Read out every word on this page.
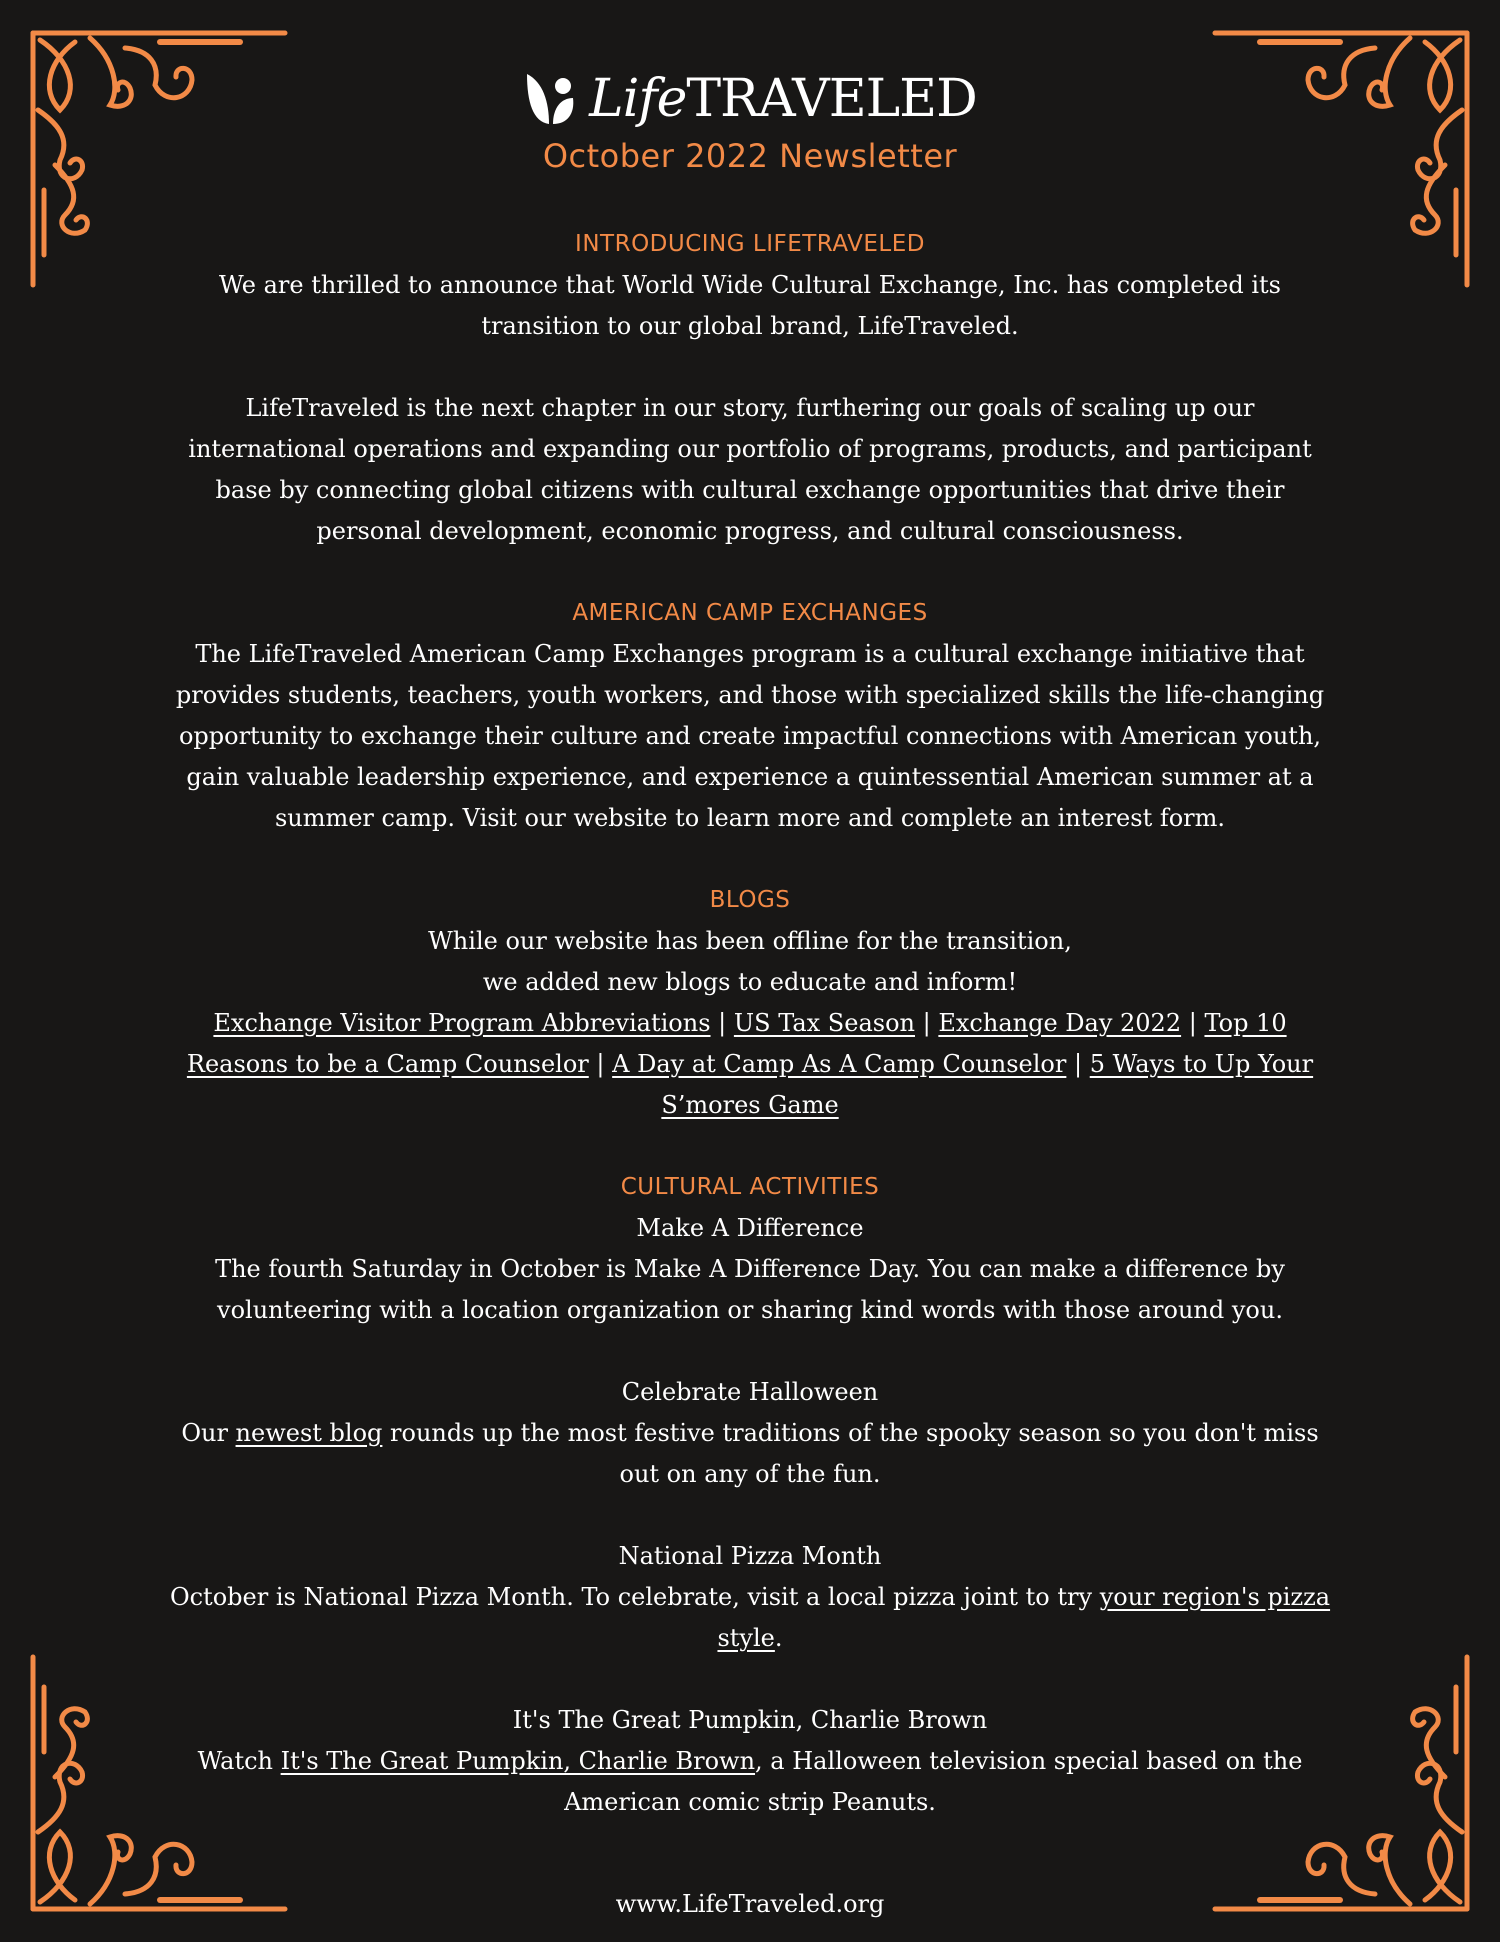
LifeTRAVELED
October 2022 Newsletter
INTRODUCING LIFETRAVELED
We are thrilled to announce that World Wide Cultural Exchange, Inc. has completed its transition to our global brand, LifeTraveled.
LifeTraveled is the next chapter in our story, furthering our goals of scaling up our international operations and expanding our portfolio of programs, products, and participant base by connecting global citizens with cultural exchange opportunities that drive their personal development, economic progress, and cultural consciousness.
AMERICAN CAMP EXCHANGES
The LifeTraveled American Camp Exchanges program is a cultural exchange initiative that provides students, teachers, youth workers, and those with specialized skills the life-changing opportunity to exchange their culture and create impactful connections with American youth, gain valuable leadership experience, and experience a quintessential American summer at a summer camp. Visit our website to learn more and complete an interest form.
BLOGS
While our website has been offline for the transition,
we added new blogs to educate and inform!
Exchange Visitor Program Abbreviations | US Tax Season | Exchange Day 2022 | Top 10 Reasons to be a Camp Counselor | A Day at Camp As A Camp Counselor | 5 Ways to Up Your S’mores Game
CULTURAL ACTIVITIES
Make A Difference
The fourth Saturday in October is Make A Difference Day. You can make a difference by volunteering with a location organization or sharing kind words with those around you.
Celebrate Halloween
Our newest blog rounds up the most festive traditions of the spooky season so you don't miss out on any of the fun.
National Pizza Month
October is National Pizza Month. To celebrate, visit a local pizza joint to try your region's pizza style.
It's The Great Pumpkin, Charlie Brown
Watch It's The Great Pumpkin, Charlie Brown, a Halloween television special based on the American comic strip Peanuts.
www.LifeTraveled.org
